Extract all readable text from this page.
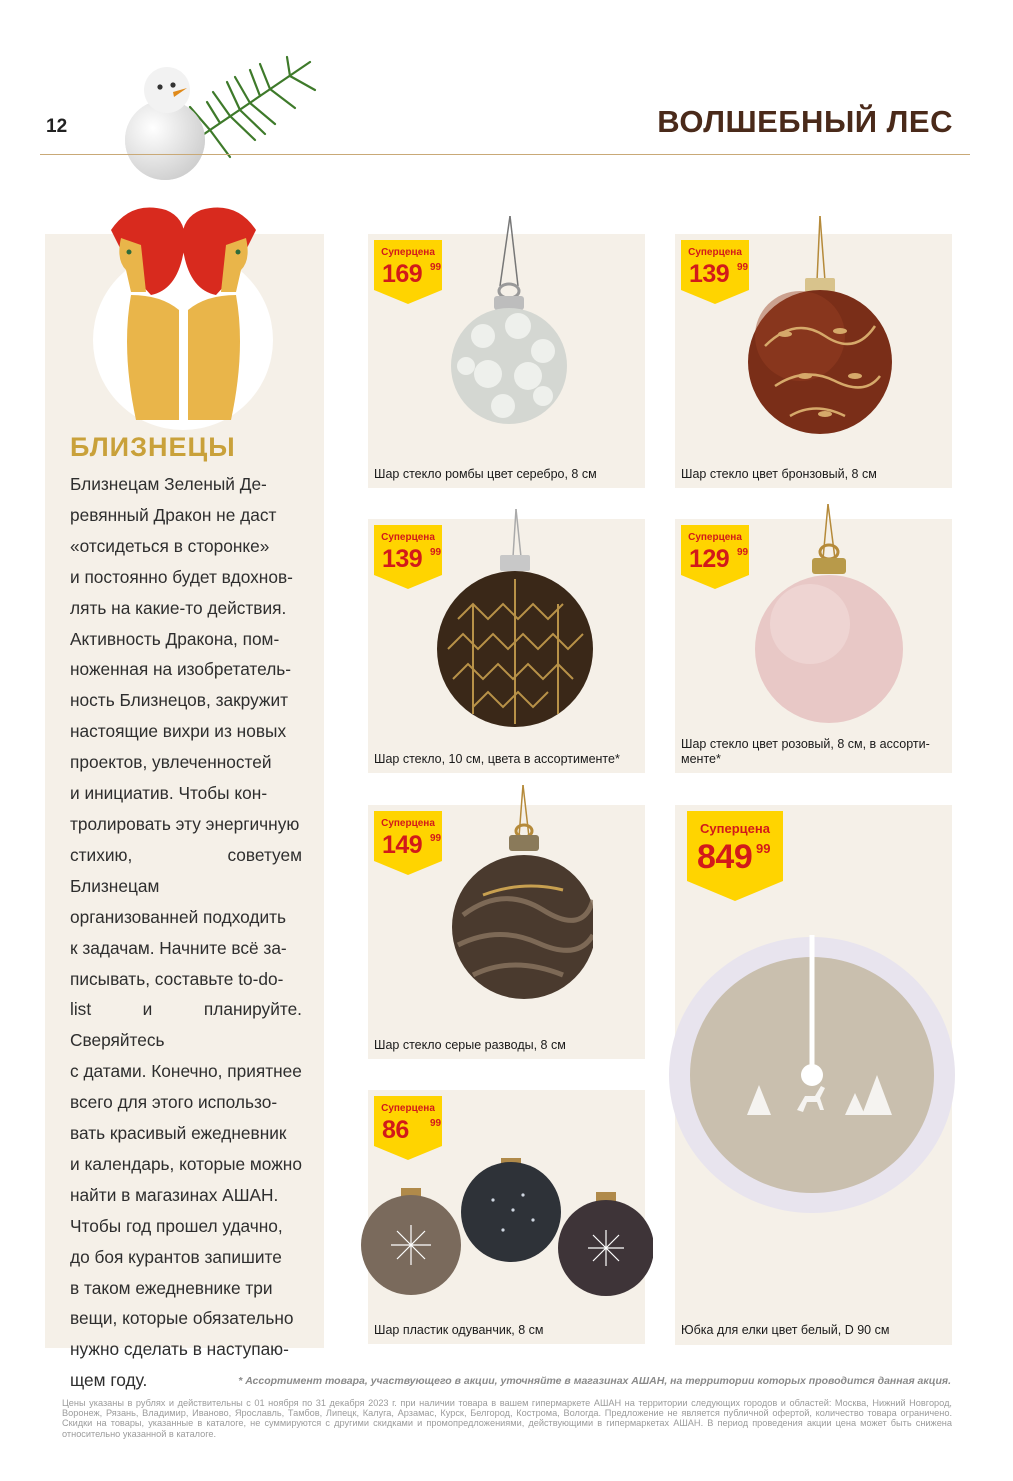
12	ВОЛШЕБНЫЙ ЛЕС
БЛИЗНЕЦЫ
Близнецам Зеленый Де-
ревянный Дракон не даст
«отсидеться в сторонке»
и постоянно будет вдохнов-
лять на какие-то действия.
Активность Дракона, пом-
ноженная на изобретатель-
ность Близнецов, закружит
настоящие вихри из новых
проектов, увлеченностей
и инициатив. Чтобы кон-
тролировать эту энергичную
стихию, советуем Близнецам
организованней подходить
к задачам. Начните всё за-
писывать, составьте to-do-
list и планируйте. Сверяйтесь
с датами. Конечно, приятнее
всего для этого использо-
вать красивый ежедневник
и календарь, которые можно
найти в магазинах АШАН.
Чтобы год прошел удачно,
до боя курантов запишите
в таком ежедневнике три
вещи, которые обязательно
нужно сделать в наступаю-
щем году.
Суперцена
169 99
Шар стекло ромбы цвет серебро, 8 см
Суперцена
139 99
Шар стекло цвет бронзовый, 8 см
Суперцена
139 99
Шар стекло, 10 см, цвета в ассортименте*
Суперцена
129 99
Шар стекло цвет розовый, 8 см, в ассорти-
менте*
Суперцена
149 99
Шар стекло серые разводы, 8 см
Суперцена
849 99
Юбка для елки цвет белый, D 90 см
Суперцена
86 99
Шар пластик одуванчик, 8 см
* Ассортимент товара, участвующего в акции, уточняйте в магазинах АШАН, на территории которых проводится данная акция.
Цены указаны в рублях и действительны с 01 ноября по 31 декабря 2023 г. при наличии товара в вашем гипермаркете АШАН на территории следующих городов и областей: Москва, Нижний Новгород, Воронеж, Рязань, Владимир, Иваново, Ярославль, Тамбов, Липецк, Калуга, Арзамас, Курск, Белгород, Кострома, Вологда. Предложение не является публичной офертой, количество товара ограничено. Скидки на товары, указанные в каталоге, не суммируются с другими скидками и промопредложениями, действующими в гипермаркетах АШАН. В период проведения акции цена может быть снижена относительно указанной в каталоге.
